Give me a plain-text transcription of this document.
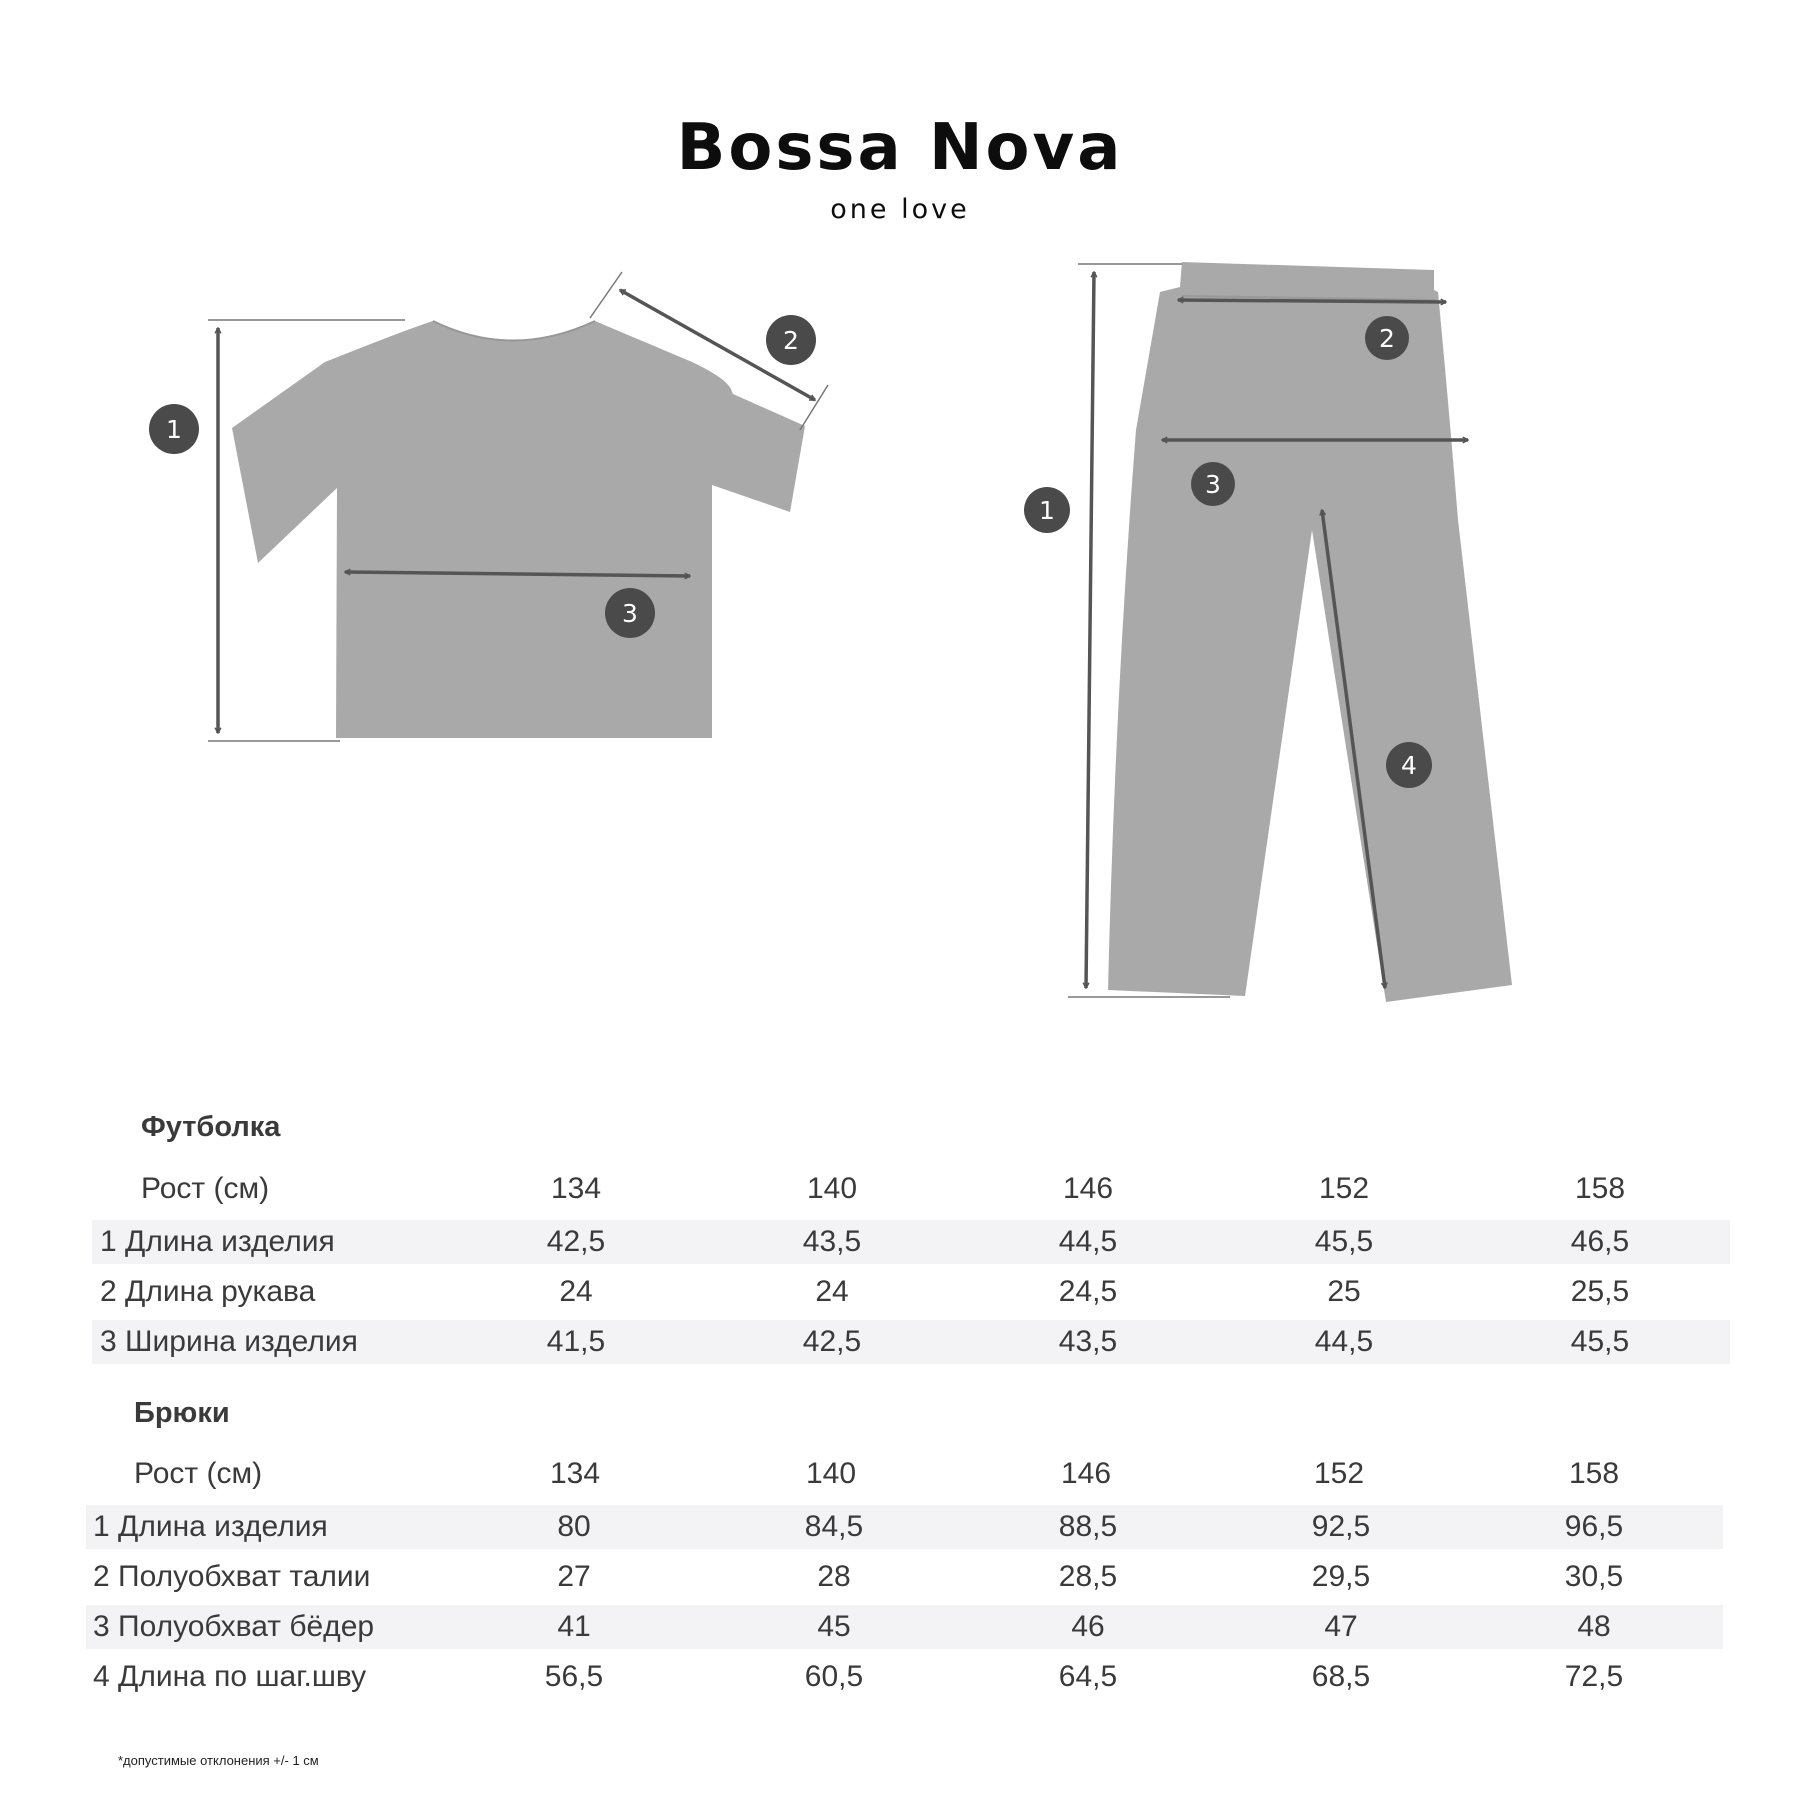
Bossa Nova
one love
1
2
3
1
2
3
4
Футболка
Рост (см)	134	140	146	152	158
1 Длина изделия	42,5	43,5	44,5	45,5	46,5
2 Длина рукава	24	24	24,5	25	25,5
3 Ширина изделия	41,5	42,5	43,5	44,5	45,5
Брюки
Рост (см)	134	140	146	152	158
1 Длина изделия	80	84,5	88,5	92,5	96,5
2 Полуобхват талии	27	28	28,5	29,5	30,5
3 Полуобхват бёдер	41	45	46	47	48
4 Длина по шаг.шву	56,5	60,5	64,5	68,5	72,5
*допустимые отклонения +/- 1 см
